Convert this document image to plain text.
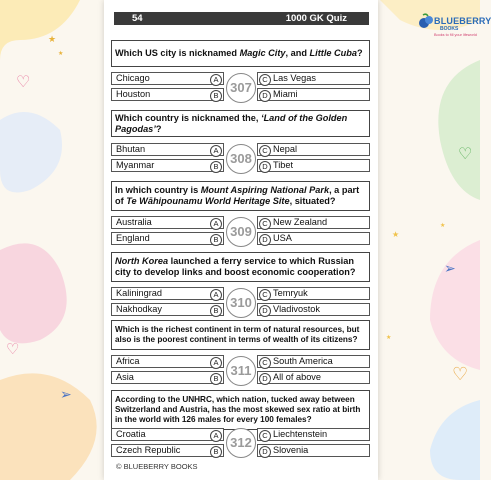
♡
♡
♡
♡
★
★
★
★
★
➢
➢
BLUEBERRY
BOOKS
Books to fill your lifeworld
54	1000 GK Quiz
Which US city is nicknamed Magic City, and Little Cuba?
Chicago	A
Houston	B
C Las Vegas
D Miami
307
Which country is nicknamed the, ‘Land of the Golden Pagodas’?
Bhutan	A
Myanmar	B
C Nepal
D Tibet
308
In which country is Mount Aspiring National Park, a part of Te Wāhipounamu World Heritage Site, situated?
Australia	A
England	B
C New Zealand
D USA
309
North Korea launched a ferry service to which Russian city to develop links and boost economic cooperation?
Kaliningrad	A
Nakhodkay	B
C Temryuk
D Vladivostok
310
Which is the richest continent in term of natural resources, but also is the poorest continent in terms of wealth of its citizens?
Africa	A
Asia	B
C South America
D All of above
311
According to the UNHRC, which nation, tucked away between Switzerland and Austria, has the most skewed sex ratio at birth in the world with 126 males for every 100 females?
Croatia	A
Czech Republic	B
C Liechtenstein
D Slovenia
312
© BLUEBERRY BOOKS
